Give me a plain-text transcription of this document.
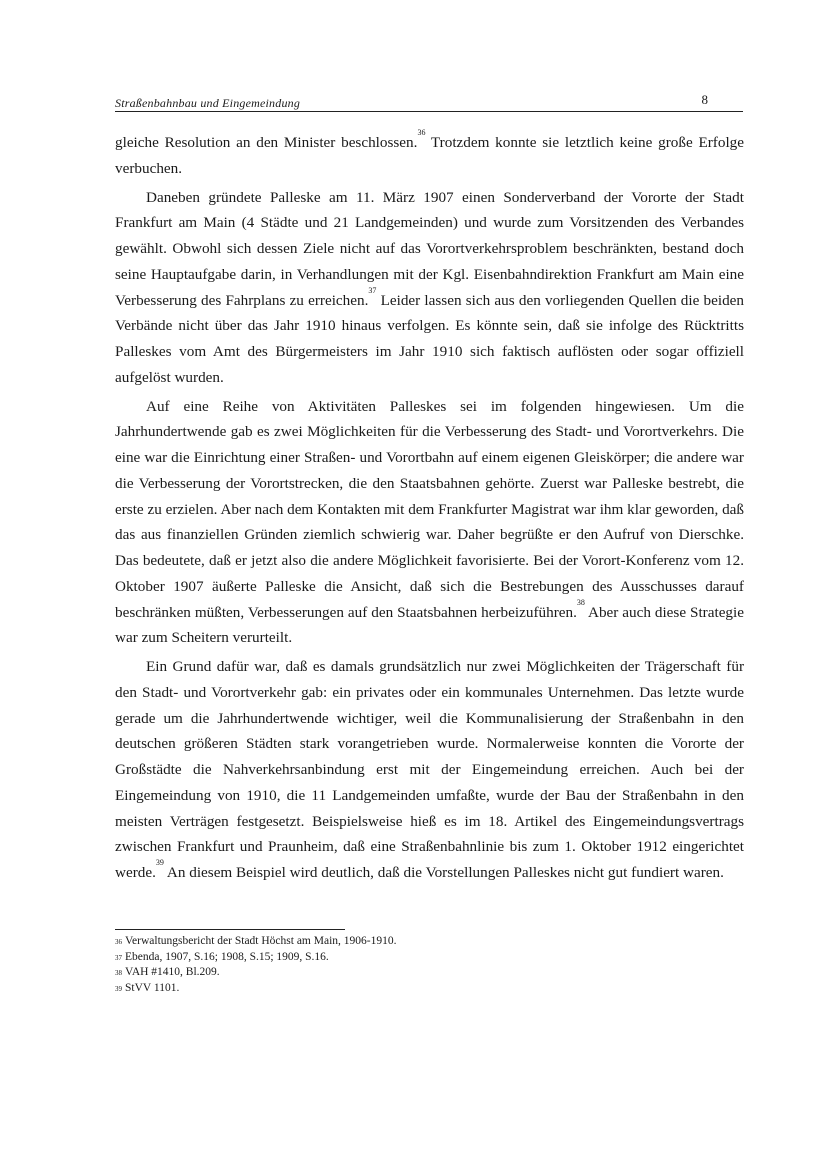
Straßenbahnbau und Eingemeindung	8

gleiche Resolution an den Minister beschlossen.$^{36}$ Trotzdem konnte sie letztlich keine große Erfolge verbuchen.

Daneben gründete Palleske am 11. März 1907 einen Sonderverband der Vororte der Stadt Frankfurt am Main (4 Städte und 21 Landgemeinden) und wurde zum Vorsitzenden des Verbandes gewählt. Obwohl sich dessen Ziele nicht auf das Vorortverkehrsproblem beschränkten, bestand doch seine Hauptaufgabe darin, in Verhandlungen mit der Kgl. Eisenbahndirektion Frankfurt am Main eine Verbesserung des Fahrplans zu erreichen.$^{37}$ Leider lassen sich aus den vorliegenden Quellen die beiden Verbände nicht über das Jahr 1910 hinaus verfolgen. Es könnte sein, daß sie infolge des Rücktritts Palleskes vom Amt des Bürgermeisters im Jahr 1910 sich faktisch auflösten oder sogar offiziell aufgelöst wurden.

Auf eine Reihe von Aktivitäten Palleskes sei im folgenden hingewiesen. Um die Jahrhundertwende gab es zwei Möglichkeiten für die Verbesserung des Stadt- und Vorortverkehrs. Die eine war die Einrichtung einer Straßen- und Vorortbahn auf einem eigenen Gleiskörper; die andere war die Verbesserung der Vorortstrecken, die den Staatsbahnen gehörte. Zuerst war Palleske bestrebt, die erste zu erzielen. Aber nach dem Kontakten mit dem Frankfurter Magistrat war ihm klar geworden, daß das aus finanziellen Gründen ziemlich schwierig war. Daher begrüßte er den Aufruf von Dierschke. Das bedeutete, daß er jetzt also die andere Möglichkeit favorisierte. Bei der Vorort-Konferenz vom 12. Oktober 1907 äußerte Palleske die Ansicht, daß sich die Bestrebungen des Ausschusses darauf beschränken müßten, Verbesserungen auf den Staatsbahnen herbeizuführen.$^{38}$ Aber auch diese Strategie war zum Scheitern verurteilt.

Ein Grund dafür war, daß es damals grundsätzlich nur zwei Möglichkeiten der Trägerschaft für den Stadt- und Vorortverkehr gab: ein privates oder ein kommunales Unternehmen. Das letzte wurde gerade um die Jahrhundertwende wichtiger, weil die Kommunalisierung der Straßenbahn in den deutschen größeren Städten stark vorangetrieben wurde. Normalerweise konnten die Vororte der Großstädte die Nahverkehrsanbindung erst mit der Eingemeindung erreichen. Auch bei der Eingemeindung von 1910, die 11 Landgemeinden umfaßte, wurde der Bau der Straßenbahn in den meisten Verträgen festgesetzt. Beispielsweise hieß es im 18. Artikel des Eingemeindungsvertrags zwischen Frankfurt und Praunheim, daß eine Straßenbahnlinie bis zum 1. Oktober 1912 eingerichtet werde.$^{39}$ An diesem Beispiel wird deutlich, daß die Vorstellungen Palleskes nicht gut fundiert waren.

$^{36}$ Verwaltungsbericht der Stadt Höchst am Main, 1906-1910.
$^{37}$ Ebenda, 1907, S.16; 1908, S.15; 1909, S.16.
$^{38}$ VAH #1410, Bl.209.
$^{39}$ StVV 1101.
